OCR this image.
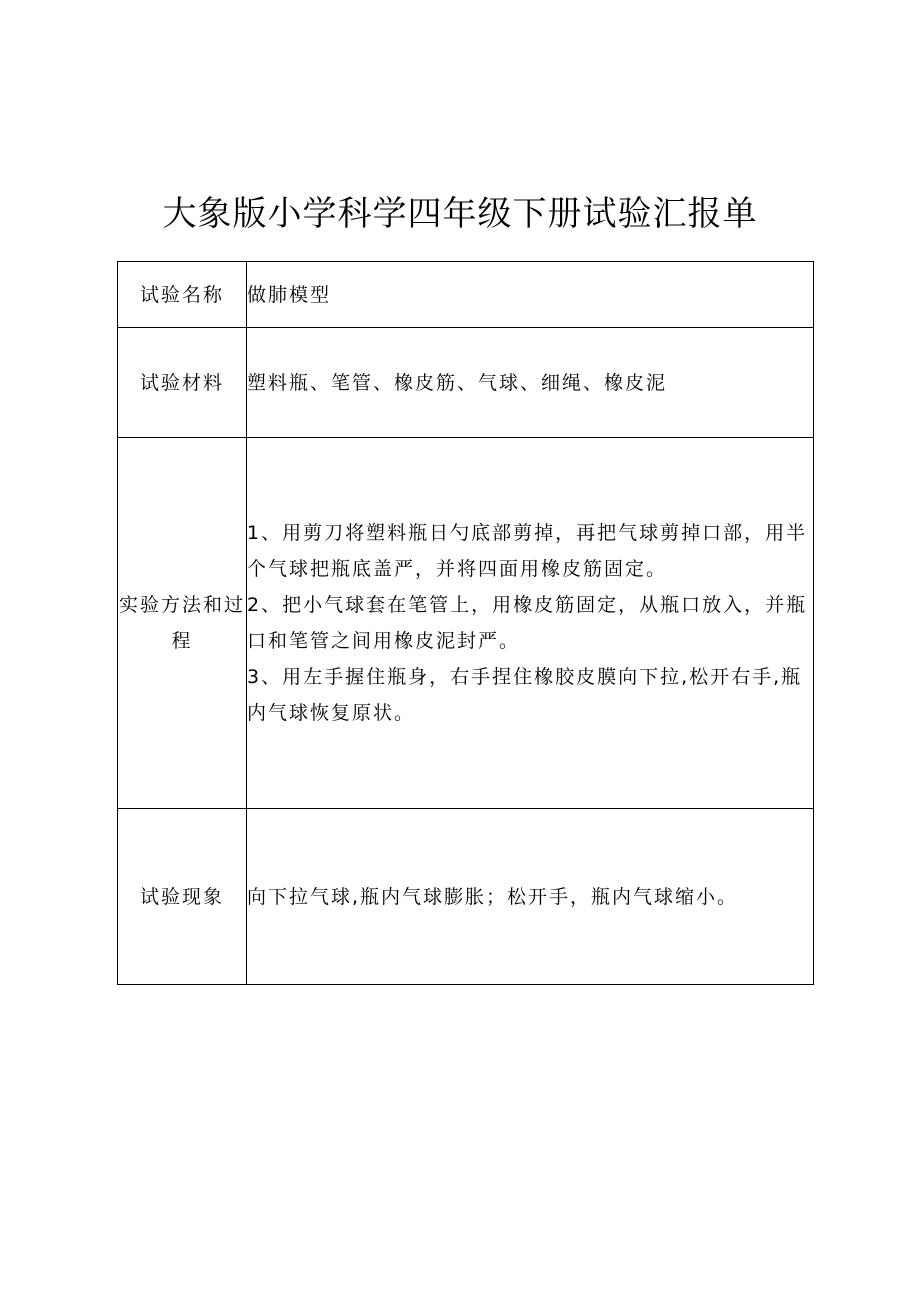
大象版小学科学四年级下册试验汇报单
试验名称	做肺模型
试验材料	塑料瓶、笔管、橡皮筋、气球、细绳、橡皮泥
实验方法和过程	1、用剪刀将塑料瓶日勺底部剪掉，再把气球剪掉口部，用半个气球把瓶底盖严，并将四面用橡皮筋固定。

2、把小气球套在笔管上，用橡皮筋固定，从瓶口放入，并瓶口和笔管之间用橡皮泥封严。

3、用左手握住瓶身，右手捏住橡胶皮膜向下拉,松开右手,瓶内气球恢复原状。

试验现象	向下拉气球,瓶内气球膨胀；松开手，瓶内气球缩小。
